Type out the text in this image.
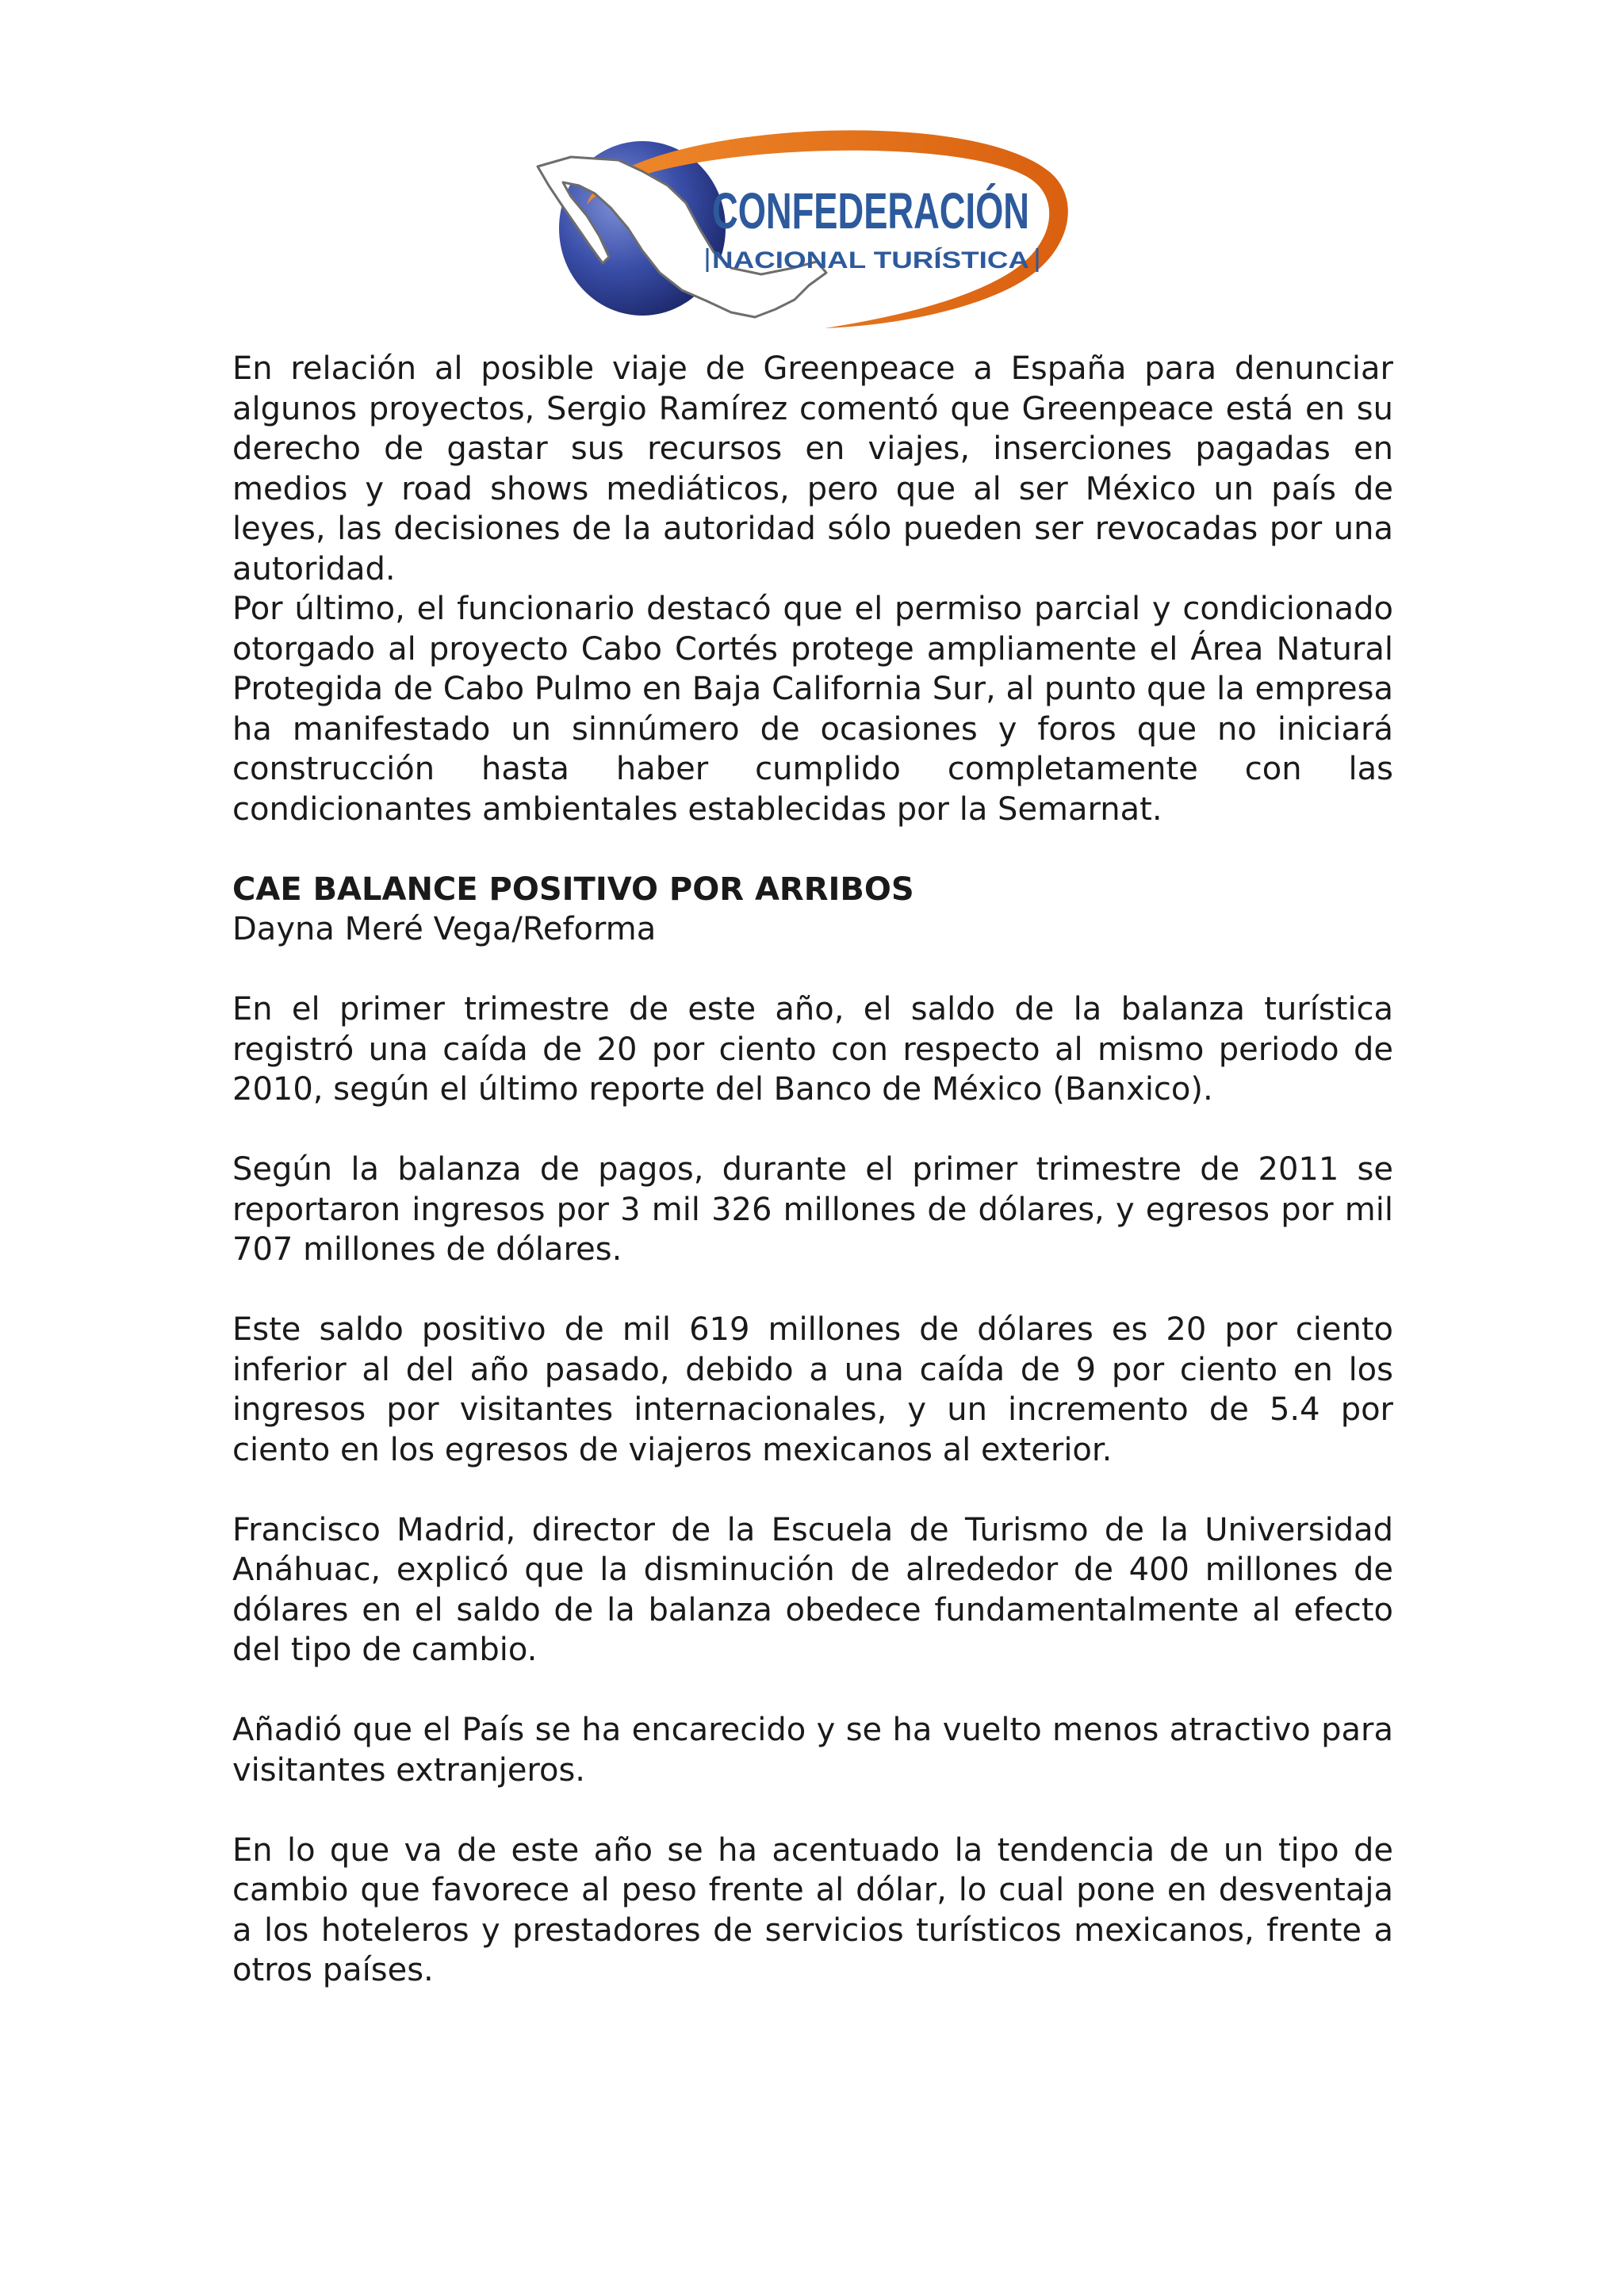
CONFEDERACIÓN
NACIONAL TURÍSTICA

En relación al posible viaje de Greenpeace a España para denunciar algunos proyectos, Sergio Ramírez comentó que Greenpeace está en su derecho de gastar sus recursos en viajes, inserciones pagadas en medios y road shows mediáticos, pero que al ser México un país de leyes, las decisiones de la autoridad sólo pueden ser revocadas por una autoridad.

Por último, el funcionario destacó que el permiso parcial y condicionado otorgado al proyecto Cabo Cortés protege ampliamente el Área Natural Protegida de Cabo Pulmo en Baja California Sur, al punto que la empresa ha manifestado un sinnúmero de ocasiones y foros que no iniciará construcción hasta haber cumplido completamente con las condicionantes ambientales establecidas por la Semarnat.

CAE BALANCE POSITIVO POR ARRIBOS

Dayna Meré Vega/Reforma

En el primer trimestre de este año, el saldo de la balanza turística registró una caída de 20 por ciento con respecto al mismo periodo de 2010, según el último reporte del Banco de México (Banxico).

Según la balanza de pagos, durante el primer trimestre de 2011 se reportaron ingresos por 3 mil 326 millones de dólares, y egresos por mil 707 millones de dólares.

Este saldo positivo de mil 619 millones de dólares es 20 por ciento inferior al del año pasado, debido a una caída de 9 por ciento en los ingresos por visitantes internacionales, y un incremento de 5.4 por ciento en los egresos de viajeros mexicanos al exterior.

Francisco Madrid, director de la Escuela de Turismo de la Universidad Anáhuac, explicó que la disminución de alrededor de 400 millones de dólares en el saldo de la balanza obedece fundamentalmente al efecto del tipo de cambio.

Añadió que el País se ha encarecido y se ha vuelto menos atractivo para visitantes extranjeros.

En lo que va de este año se ha acentuado la tendencia de un tipo de cambio que favorece al peso frente al dólar, lo cual pone en desventaja a los hoteleros y prestadores de servicios turísticos mexicanos, frente a otros países.
